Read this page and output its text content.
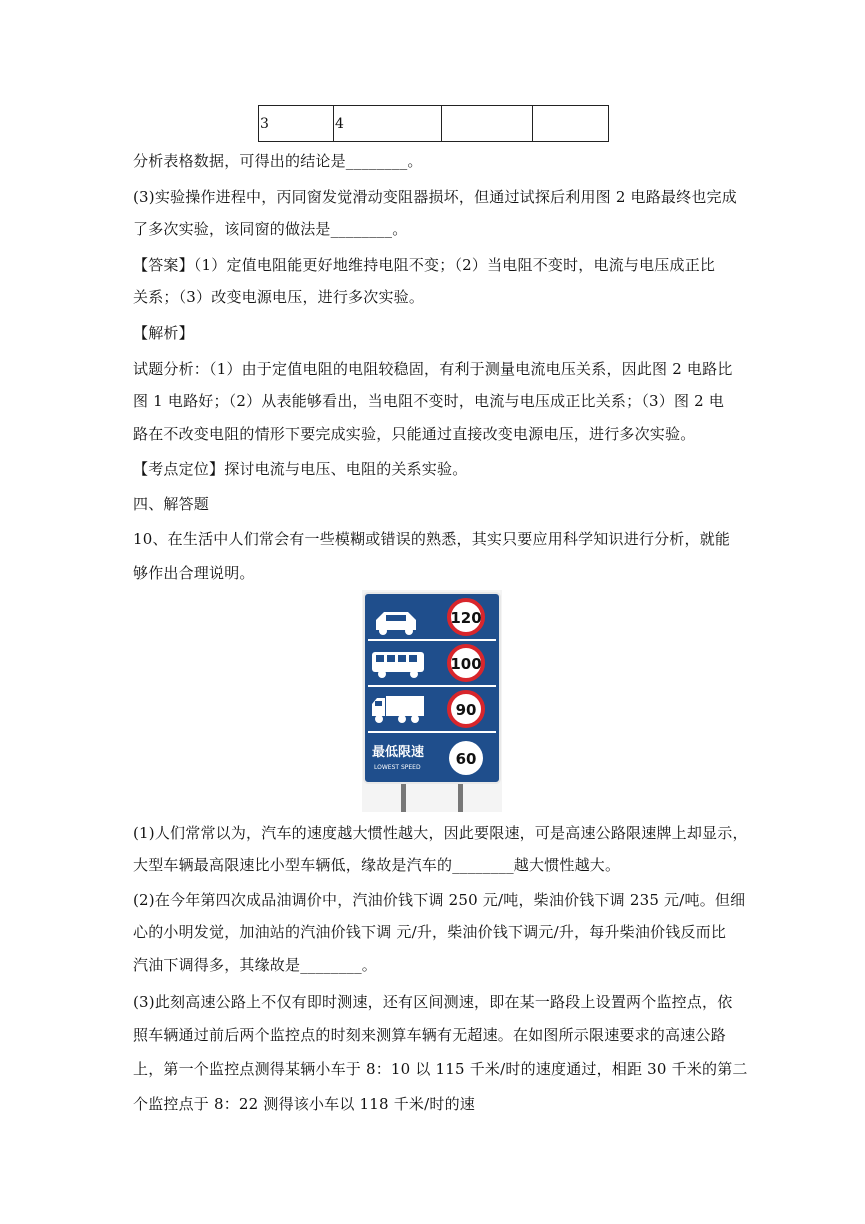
3	4		
分析表格数据，可得出的结论是________。
(3)实验操作进程中，丙同窗发觉滑动变阻器损坏，但通过试探后利用图 2 电路最终也完成
了多次实验，该同窗的做法是________。
【答案】（1）定值电阻能更好地维持电阻不变；（2）当电阻不变时，电流与电压成正比
关系；（3）改变电源电压，进行多次实验。
【解析】
试题分析：（1）由于定值电阻的电阻较稳固，有利于测量电流电压关系，因此图 2 电路比
图 1 电路好；（2）从表能够看出，当电阻不变时，电流与电压成正比关系；（3）图 2 电
路在不改变电阻的情形下要完成实验，只能通过直接改变电源电压，进行多次实验。
【考点定位】探讨电流与电压、电阻的关系实验。
四、解答题
10、在生活中人们常会有一些模糊或错误的熟悉，其实只要应用科学知识进行分析，就能
够作出合理说明。
120
100
90
最低限速
LOWEST SPEED 60
(1)人们常常以为，汽车的速度越大惯性越大，因此要限速，可是高速公路限速牌上却显示，
大型车辆最高限速比小型车辆低，缘故是汽车的________越大惯性越大。
(2)在今年第四次成品油调价中，汽油价钱下调 250 元/吨，柴油价钱下调 235 元/吨。但细
心的小明发觉，加油站的汽油价钱下调 元/升，柴油价钱下调元/升，每升柴油价钱反而比
汽油下调得多，其缘故是________。
(3)此刻高速公路上不仅有即时测速，还有区间测速，即在某一路段上设置两个监控点，依
照车辆通过前后两个监控点的时刻来测算车辆有无超速。在如图所示限速要求的高速公路
上，第一个监控点测得某辆小车于 8：10 以 115 千米/时的速度通过，相距 30 千米的第二
个监控点于 8：22 测得该小车以 118 千米/时的速
